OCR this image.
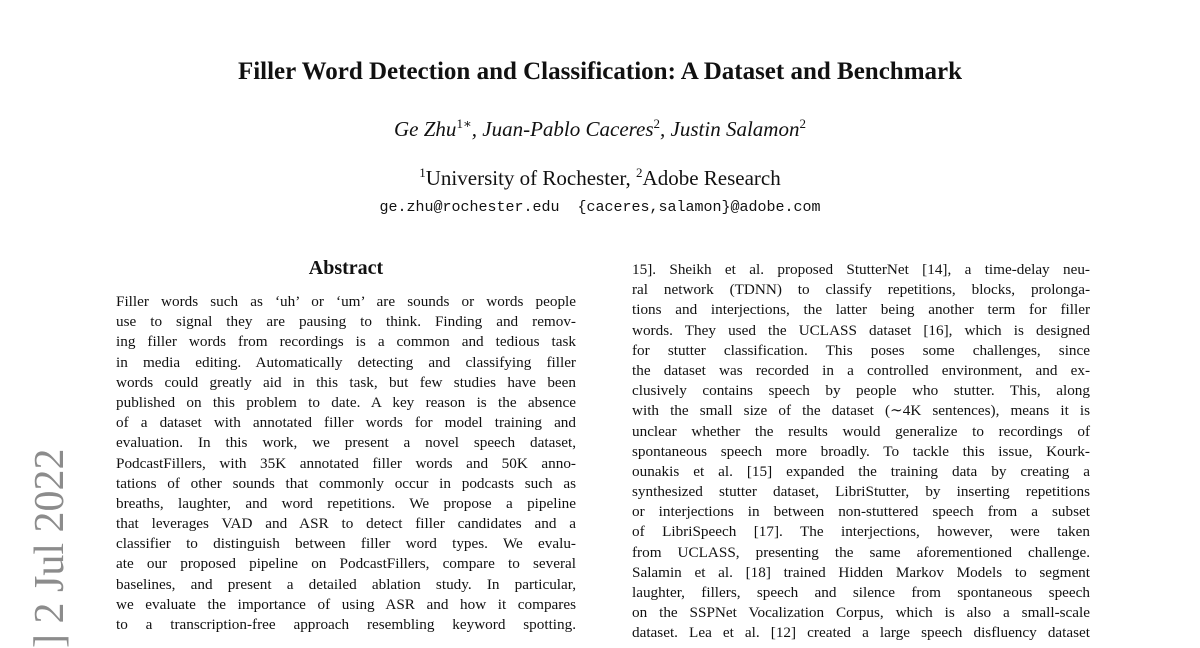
Filler Word Detection and Classification: A Dataset and Benchmark
Ge Zhu$^{1∗}$, Juan-Pablo Caceres$^2$, Justin Salamon$^2$
$^1$University of Rochester, $^2$Adobe Research
ge.zhu@rochester.edu  {caceres,salamon}@adobe.com
Abstract
Filler words such as ‘uh’ or ‘um’ are sounds or words people
use to signal they are pausing to think. Finding and remov-
ing filler words from recordings is a common and tedious task
in media editing. Automatically detecting and classifying filler
words could greatly aid in this task, but few studies have been
published on this problem to date. A key reason is the absence
of a dataset with annotated filler words for model training and
evaluation. In this work, we present a novel speech dataset,
PodcastFillers, with 35K annotated filler words and 50K anno-
tations of other sounds that commonly occur in podcasts such as
breaths, laughter, and word repetitions. We propose a pipeline
that leverages VAD and ASR to detect filler candidates and a
classifier to distinguish between filler word types. We evalu-
ate our proposed pipeline on PodcastFillers, compare to several
baselines, and present a detailed ablation study. In particular,
we evaluate the importance of using ASR and how it compares
to a transcription-free approach resembling keyword spotting.
15]. Sheikh et al. proposed StutterNet [14], a time-delay neu-
ral network (TDNN) to classify repetitions, blocks, prolonga-
tions and interjections, the latter being another term for filler
words. They used the UCLASS dataset [16], which is designed
for stutter classification. This poses some challenges, since
the dataset was recorded in a controlled environment, and ex-
clusively contains speech by people who stutter. This, along
with the small size of the dataset (∼4K sentences), means it is
unclear whether the results would generalize to recordings of
spontaneous speech more broadly. To tackle this issue, Kourk-
ounakis et al. [15] expanded the training data by creating a
synthesized stutter dataset, LibriStutter, by inserting repetitions
or interjections in between non-stuttered speech from a subset
of LibriSpeech [17]. The interjections, however, were taken
from UCLASS, presenting the same aforementioned challenge.
Salamin et al. [18] trained Hidden Markov Models to segment
laughter, fillers, speech and silence from spontaneous speech
on the SSPNet Vocalization Corpus, which is also a small-scale
dataset. Lea et al. [12] created a large speech disfluency dataset
] 2 Jul 2022
